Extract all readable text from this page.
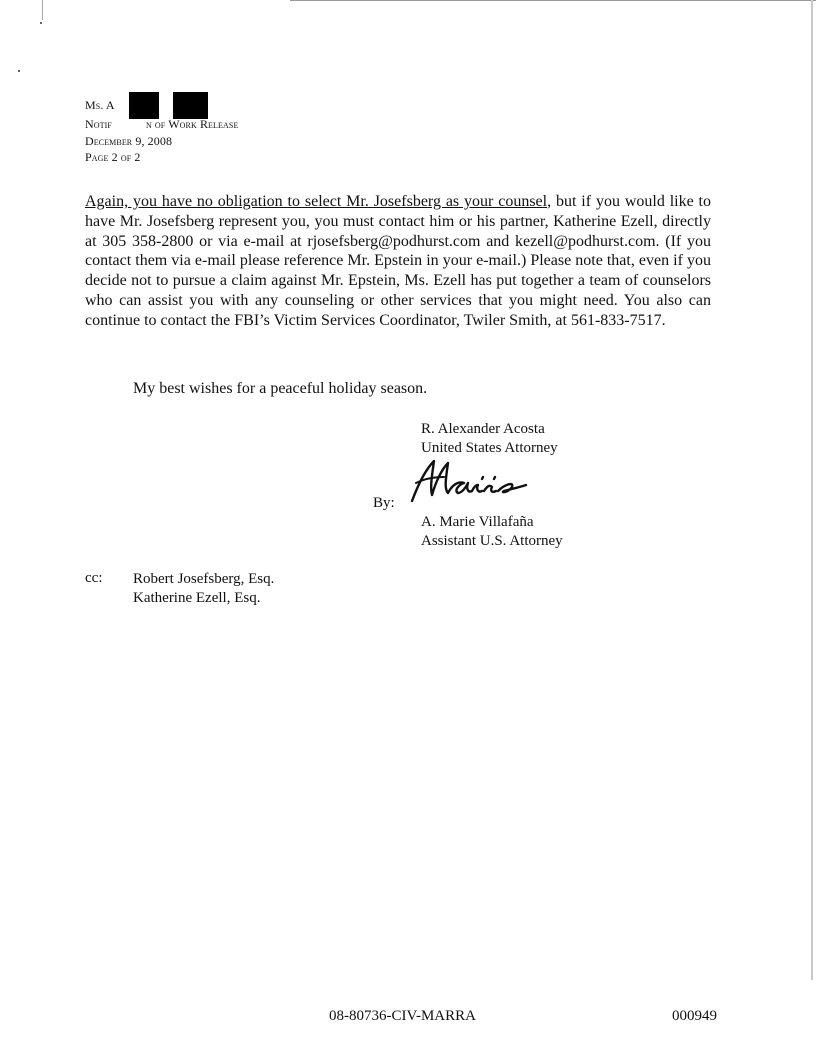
Ms. A
Notif	n of Work Release
December 9, 2008
Page 2 of 2
Again, you have no obligation to select Mr. Josefsberg as your counsel, but if you would like to have Mr. Josefsberg represent you, you must contact him or his partner, Katherine Ezell, directly at 305 358-2800 or via e-mail at rjosefsberg@podhurst.com and kezell@podhurst.com. (If you contact them via e-mail please reference Mr. Epstein in your e-mail.) Please note that, even if you decide not to pursue a claim against Mr. Epstein, Ms. Ezell has put together a team of counselors who can assist you with any counseling or other services that you might need. You also can continue to contact the FBI’s Victim Services Coordinator, Twiler Smith, at 561-833-7517.
My best wishes for a peaceful holiday season.
R. Alexander Acosta
United States Attorney
By:
A. Marie Villafaña
Assistant U.S. Attorney
cc: Robert Josefsberg, Esq.
Katherine Ezell, Esq.
08-80736-CIV-MARRA	000949
